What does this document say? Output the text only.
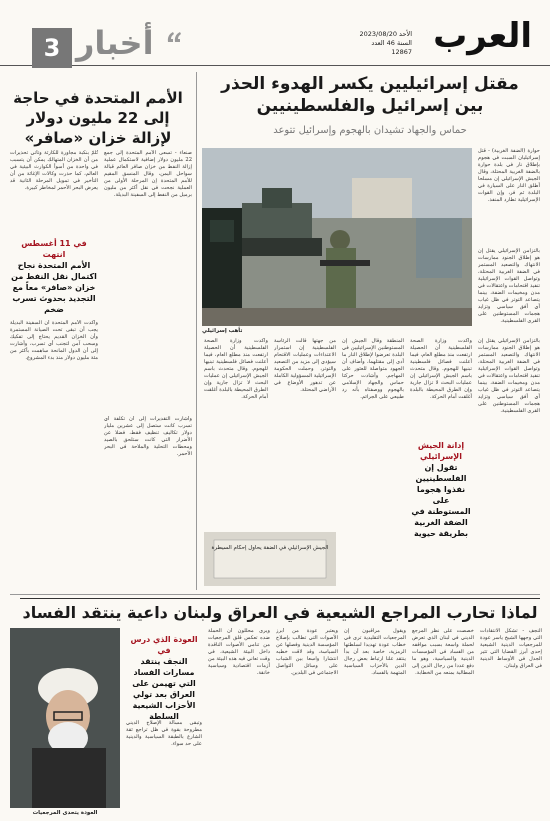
العرب
الأحد 2023/08/20
السنة 46 العدد 12867
أخبار
3
الأمم المتحدة في حاجة إلى 22 مليون دولار لإزالة خزان «صافر»
صنعاء - تسعى الأمم المتحدة إلى جمع 22 مليون دولار إضافية لاستكمال عملية إزالة النفط من خزان صافر العائم قبالة سواحل اليمن، وقال المنسق المقيم للأمم المتحدة إن المرحلة الأولى من العملية نجحت في نقل أكثر من مليون برميل من النفط إلى السفينة البديلة.
تُلمّ بنكبة مجاورة للكارثة وتأتي تحذيرات من أن الخزان المتهالك يمكن أن يتسبب في واحدة من أسوأ الكوارث البيئية في العالم، كما حذرت وكالات الإغاثة من أن التأخير في تمويل المرحلة الثانية قد يعرض البحر الأحمر لمخاطر كبيرة.
في 11 أغسطس انتهت
الأمم المتحدة نجاح اكتمال نقل النفط من خزان «صافر» معاً مع التجديد بحدوث تسرب ضخم
وأكدت الأمم المتحدة أن السفينة البديلة يجب أن تبقى تحت الصيانة المستمرة وأن الخزان القديم يحتاج إلى تفكيك وسحب آمن لتجنب أي تسرب، وأشارت إلى أن الدول المانحة ساهمت بأكثر من مئة مليون دولار منذ بدء المشروع.
وأشارت التقديرات إلى أن تكلفة أي تسرب كانت ستصل إلى عشرين مليار دولار تكاليف تنظيف فقط، فضلا عن الأضرار التي كانت ستلحق بالصيد ومحطات التحلية والملاحة في البحر الأحمر.
مقتل إسرائيليين يكسر الهدوء الحذر
بين إسرائيل والفلسطينيين
حماس والجهاد تشيدان بالهجوم وإسرائيل تتوعد
حوارة (الضفة الغربية) - قتل إسرائيليان السبت في هجوم بإطلاق نار في بلدة حوارة بالضفة الغربية المحتلة، وقال الجيش الإسرائيلي إن مسلحا أطلق النار على السيارة في البلدة ثم فر، وإن القوات الإسرائيلية تطارد المنفذ.
تأهب إسرائيلي
بالتزامن الإسرائيلي يقتل إن هو إطلاق الجنود ممارسات الانتهاك والتصعيد المستمر في الضفة الغربية المحتلة، وتواصل القوات الإسرائيلية تنفيذ اقتحامات واعتقالات في مدن ومخيمات الضفة، بينما يتصاعد التوتر في ظل غياب أي أفق سياسي وتزايد هجمات المستوطنين على القرى الفلسطينية.
بالتزامن الإسرائيلي يقتل إن هو إطلاق الجنود ممارسات الانتهاك والتصعيد المستمر في الضفة الغربية المحتلة، وتواصل القوات الإسرائيلية تنفيذ اقتحامات واعتقالات في مدن ومخيمات الضفة، بينما يتصاعد التوتر في ظل غياب أي أفق سياسي وتزايد هجمات المستوطنين على القرى الفلسطينية.
وأكدت وزارة الصحة الفلسطينية أن الحصيلة ارتفعت منذ مطلع العام، فيما أعلنت فصائل فلسطينية تبنيها للهجوم. وقال متحدث باسم الجيش الإسرائيلي إن عمليات البحث لا تزال جارية وإن الطرق المحيطة بالبلدة أغلقت أمام الحركة.
المنطقة وقال الجيش إن المستوطنين الإسرائيليين في البلدة تعرضوا لإطلاق النار ما أدى إلى مقتلهما، وأضاف أن الجهود متواصلة للعثور على المهاجم. وأشادت حركتا حماس والجهاد الإسلامي بالهجوم ووصفتاه بأنه رد طبيعي على الجرائم.
من جهتها قالت الرئاسة الفلسطينية إن استمرار الاعتداءات وعمليات الاقتحام سيؤدي إلى مزيد من التصعيد والتوتر، وحملت الحكومة الإسرائيلية المسؤولية الكاملة عن تدهور الأوضاع في الأراضي المحتلة.
وأكدت وزارة الصحة الفلسطينية أن الحصيلة ارتفعت منذ مطلع العام، فيما أعلنت فصائل فلسطينية تبنيها للهجوم. وقال متحدث باسم الجيش الإسرائيلي إن عمليات البحث لا تزال جارية وإن الطرق المحيطة بالبلدة أغلقت أمام الحركة.
إدانة الجيش الإسرائيلي
تقول إن الفلسطينيين نفذوا هجوما على المستوطنة في الضفة الغربية بطريقة حيوية
الجيش الإسرائيلي في الضفة يحاول إحكام السيطرة
لماذا تحارب المراجع الشيعية في العراق ولبنان داعية ينتقد الفساد
العودة يتحدى المرجعيات
النجف - تشكل الانتقادات التي وجهها الشيخ ياسر عودة للمرجعيات الدينية الشيعية إحدى أبرز القضايا التي تثير الجدل في الأوساط الدينية في العراق ولبنان.
خصصت على نظر المرجع الديني في لبنان الذي تعرض لحملة واسعة بسبب مواقفه من الفساد في المؤسسات الدينية والسياسية، وهو ما دفع عددا من رجال الدين إلى المطالبة بمنعه من الخطابة.
ويقول مراقبون إن المرجعيات التقليدية ترى في خطاب عودة تهديدا لسلطتها الرمزية، خاصة بعد أن بدأ ينتقد علنا ارتباط بعض رجال الدين بالأحزاب السياسية المتهمة بالفساد.
ويعتبر عودة من أبرز الأصوات التي تطالب بإصلاح المؤسسة الدينية وفصلها عن السياسة، وقد لاقت خطبه انتشارا واسعا بين الشباب على وسائل التواصل الاجتماعي في البلدين.
ويرى محللون أن الحملة ضده تعكس قلق المرجعيات من تنامي الأصوات الناقدة داخل البيئة الشيعية، في وقت تعاني فيه هذه البيئة من أزمات اقتصادية وسياسية خانقة.
العودة الذي درس في
النجف ينتقد مسارات الفساد التي تهيمن على العراق بعد تولي الأحزاب الشيعية السلطة
وتبقى مسألة الإصلاح الديني مطروحة بقوة في ظل تراجع ثقة الشارع بالطبقة السياسية والدينية على حد سواء.
